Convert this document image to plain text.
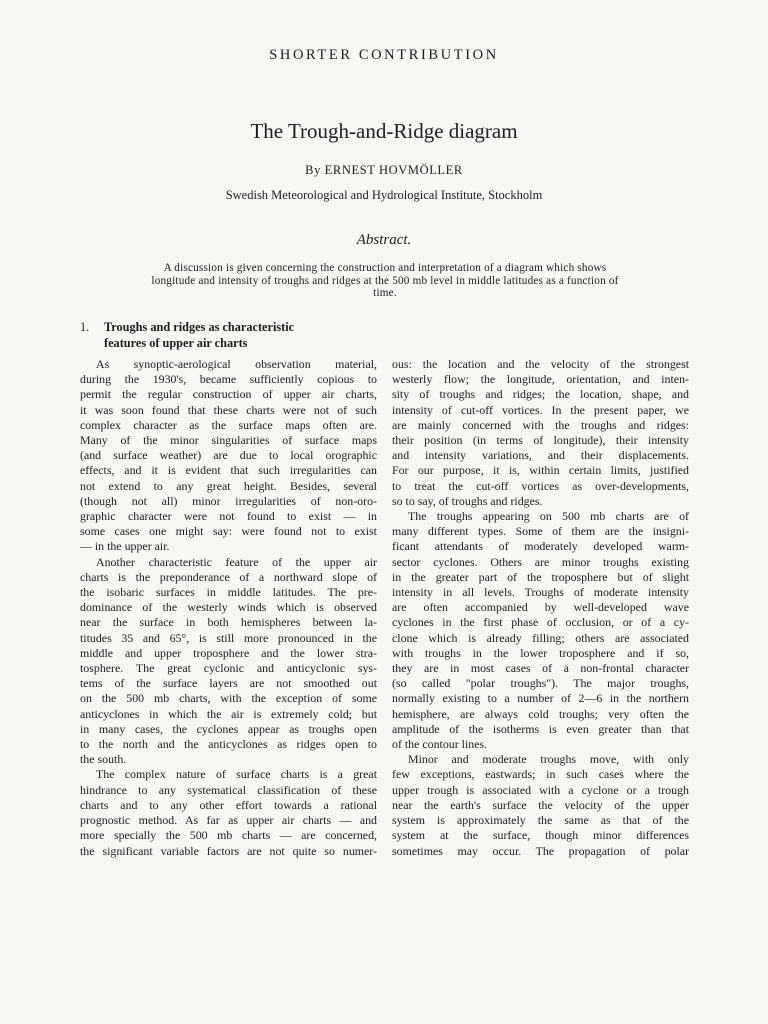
SHORTER CONTRIBUTION
The Trough-and-Ridge diagram
By ERNEST HOVMÖLLER
Swedish Meteorological and Hydrological Institute, Stockholm
Abstract.
A discussion is given concerning the construction and interpretation of a diagram which shows longitude and intensity of troughs and ridges at the 500 mb level in middle latitudes as a function of time.
1. Troughs and ridges as characteristic
features of upper air charts
As synoptic-aerological observation material,
during the 1930's, became sufficiently copious to
permit the regular construction of upper air charts,
it was soon found that these charts were not of such
complex character as the surface maps often are.
Many of the minor singularities of surface maps
(and surface weather) are due to local orographic
effects, and it is evident that such irregularities can
not extend to any great height. Besides, several
(though not all) minor irregularities of non-oro-
graphic character were not found to exist — in
some cases one might say: were found not to exist
— in the upper air.
Another characteristic feature of the upper air
charts is the preponderance of a northward slope of
the isobaric surfaces in middle latitudes. The pre-
dominance of the westerly winds which is observed
near the surface in both hemispheres between la-
titudes 35 and 65°, is still more pronounced in the
middle and upper troposphere and the lower stra-
tosphere. The great cyclonic and anticyclonic sys-
tems of the surface layers are not smoothed out
on the 500 mb charts, with the exception of some
anticyclones in which the air is extremely cold; but
in many cases, the cyclones appear as troughs open
to the north and the anticyclones as ridges open to
the south.
The complex nature of surface charts is a great
hindrance to any systematical classification of these
charts and to any other effort towards a rational
prognostic method. As far as upper air charts — and
more specially the 500 mb charts — are concerned,
the significant variable factors are not quite so numer-
ous: the location and the velocity of the strongest
westerly flow; the longitude, orientation, and inten-
sity of troughs and ridges; the location, shape, and
intensity of cut-off vortices. In the present paper, we
are mainly concerned with the troughs and ridges:
their position (in terms of longitude), their intensity
and intensity variations, and their displacements.
For our purpose, it is, within certain limits, justified
to treat the cut-off vortices as over-developments,
so to say, of troughs and ridges.
The troughs appearing on 500 mb charts are of
many different types. Some of them are the insigni-
ficant attendants of moderately developed warm-
sector cyclones. Others are minor troughs existing
in the greater part of the troposphere but of slight
intensity in all levels. Troughs of moderate intensity
are often accompanied by well-developed wave
cyclones in the first phase of occlusion, or of a cy-
clone which is already filling; others are associated
with troughs in the lower troposphere and if so,
they are in most cases of a non-frontal character
(so called "polar troughs"). The major troughs,
normally existing to a number of 2—6 in the northern
hemisphere, are always cold troughs; very often the
amplitude of the isotherms is even greater than that
of the contour lines.
Minor and moderate troughs move, with only
few exceptions, eastwards; in such cases where the
upper trough is associated with a cyclone or a trough
near the earth's surface the velocity of the upper
system is approximately the same as that of the
system at the surface, though minor differences
sometimes may occur. The propagation of polar
